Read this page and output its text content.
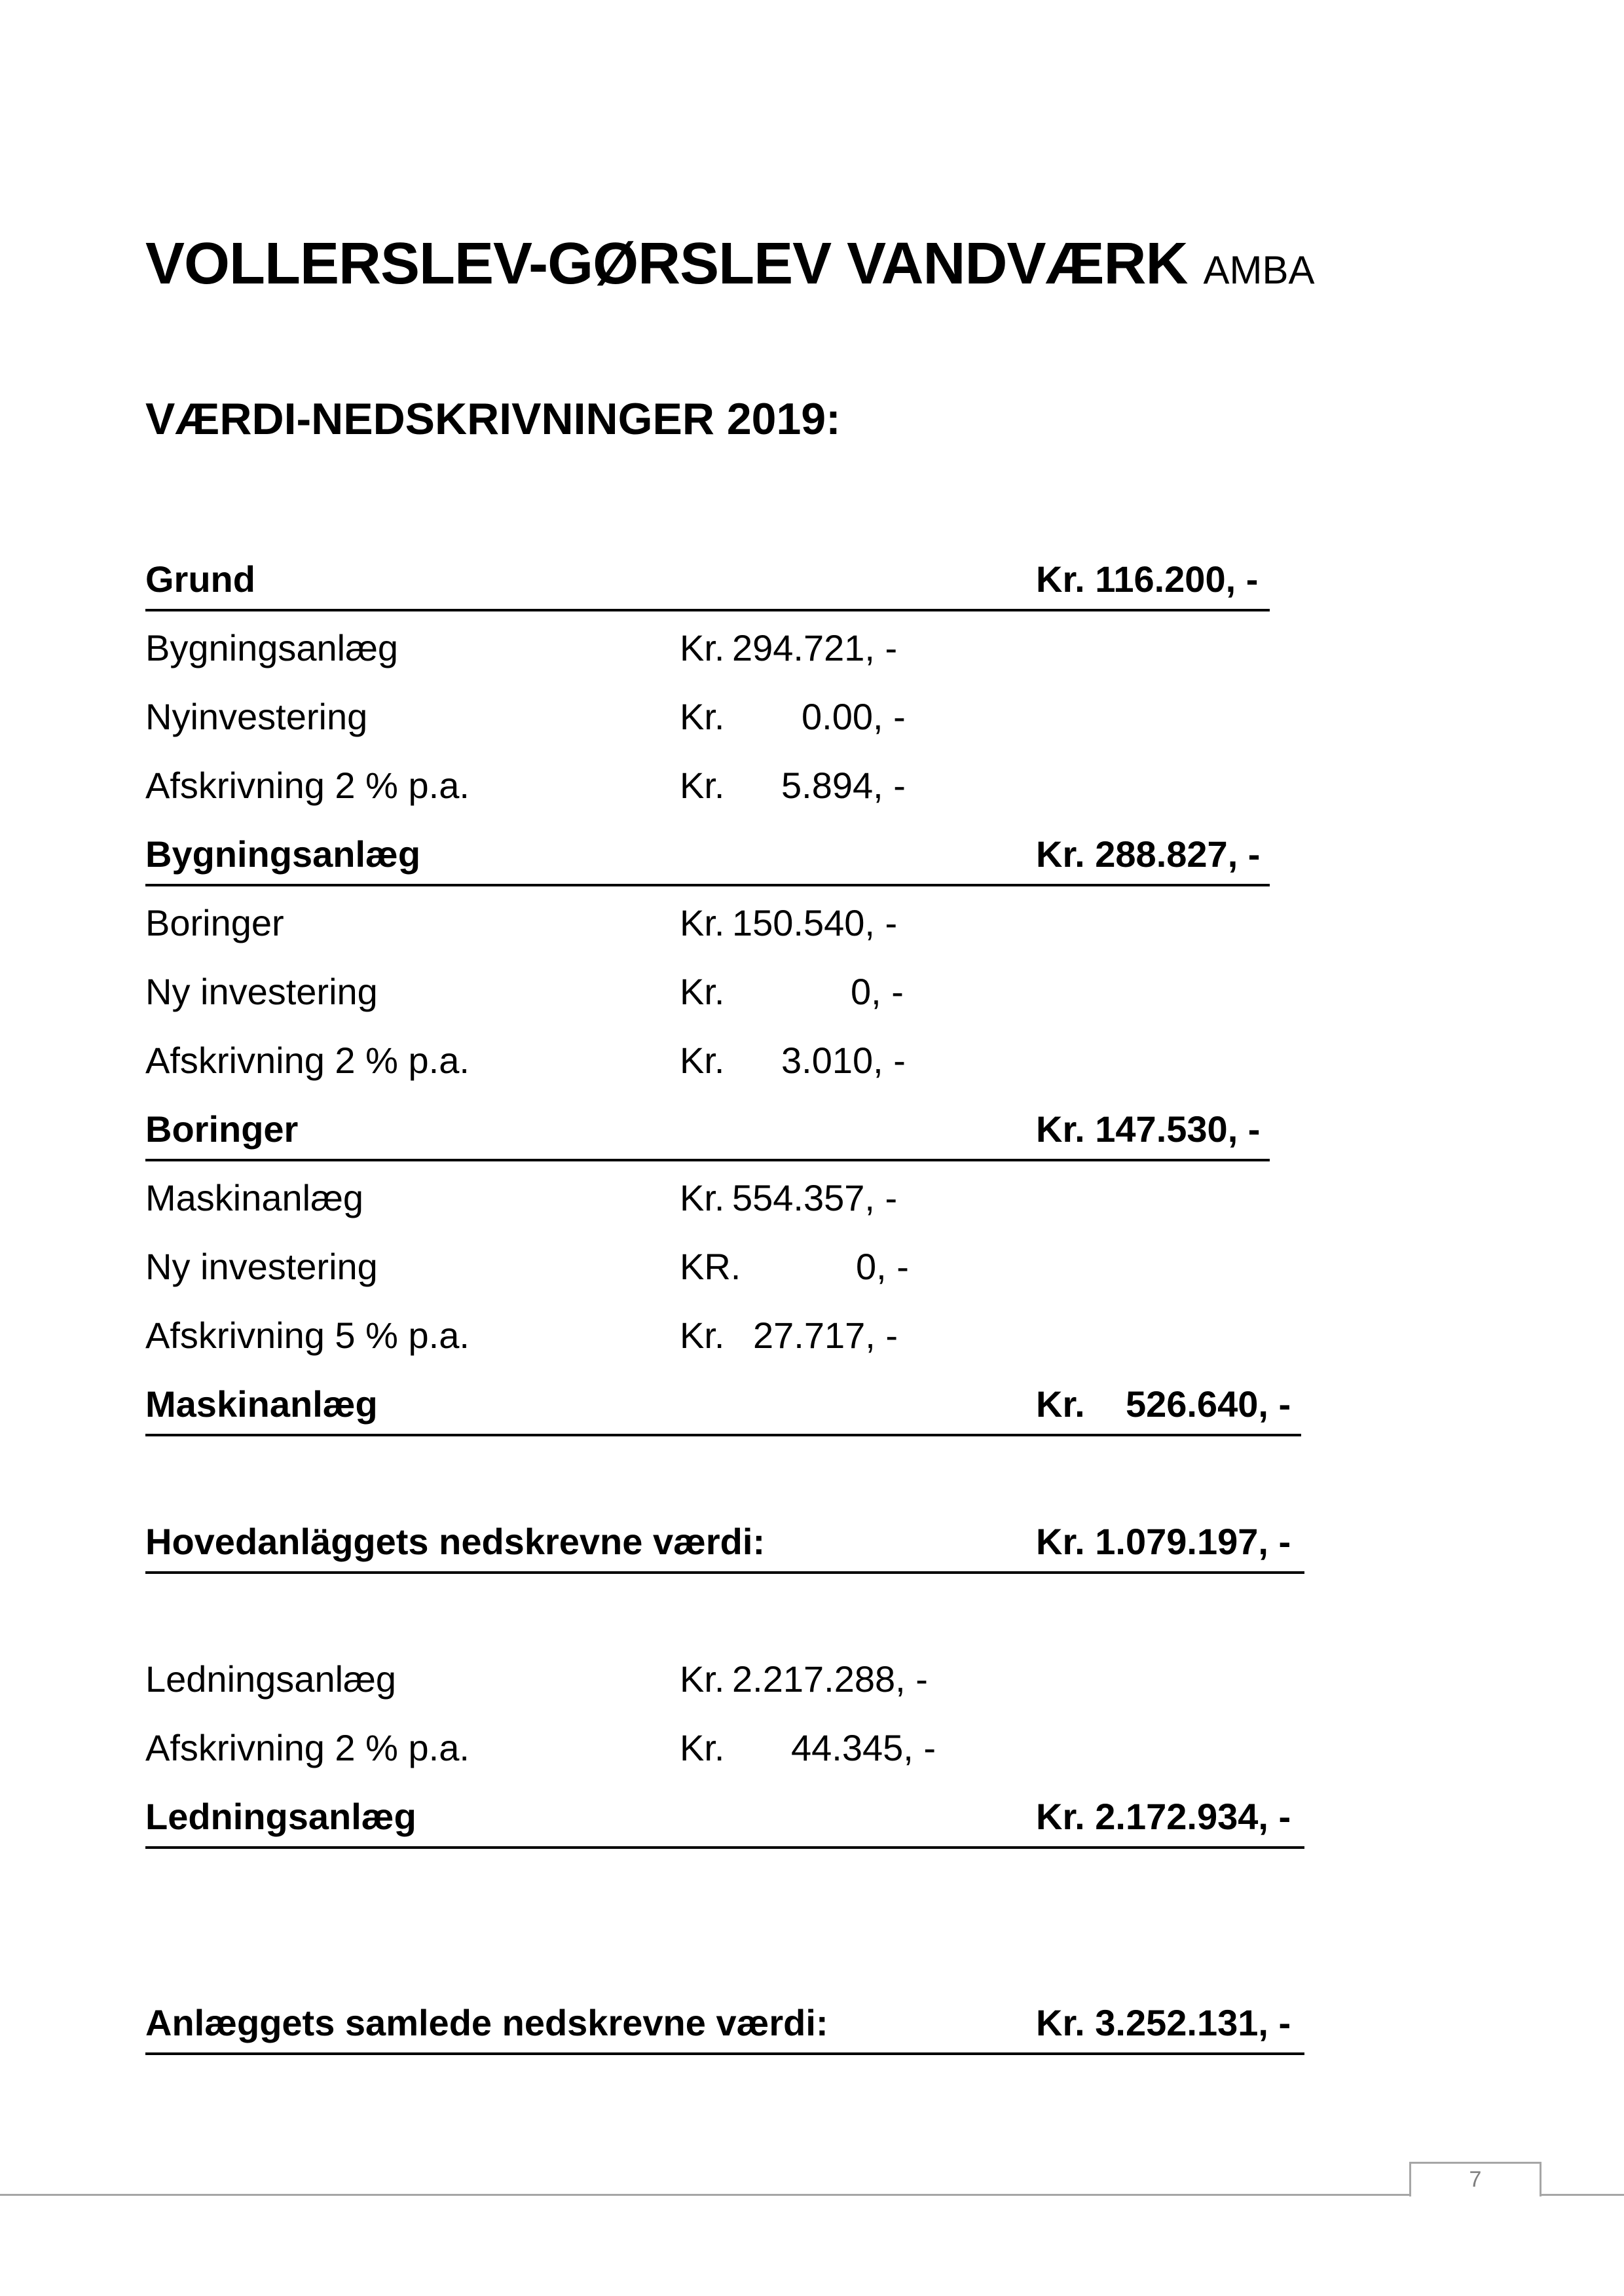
VOLLERSLEV-GØRSLEV VANDVÆRK AMBA
VÆRDI-NEDSKRIVNINGER 2019:
Grund	Kr. 116.200, -
Bygningsanlæg	Kr. 294.721, -
Nyinvestering	Kr. 0.00, -
Afskrivning 2 % p.a.	Kr. 5.894, -
Bygningsanlæg	Kr. 288.827, -
Boringer	Kr. 150.540, -
Ny investering	Kr.	0, -
Afskrivning 2 % p.a.	Kr. 3.010, -
Boringer	Kr. 147.530, -
Maskinanlæg	Kr. 554.357, -
Ny investering	KR.	0, -
Afskrivning 5 % p.a.	Kr. 27.717, -
Maskinanlæg	Kr.    526.640, -
Hovedanläggets nedskrevne værdi:	Kr. 1.079.197, -
Ledningsanlæg	Kr. 2.217.288, -
Afskrivning 2 % p.a.	Kr. 44.345, -
Ledningsanlæg	Kr. 2.172.934, -
Anlæggets samlede nedskrevne værdi:	Kr. 3.252.131, -
7
